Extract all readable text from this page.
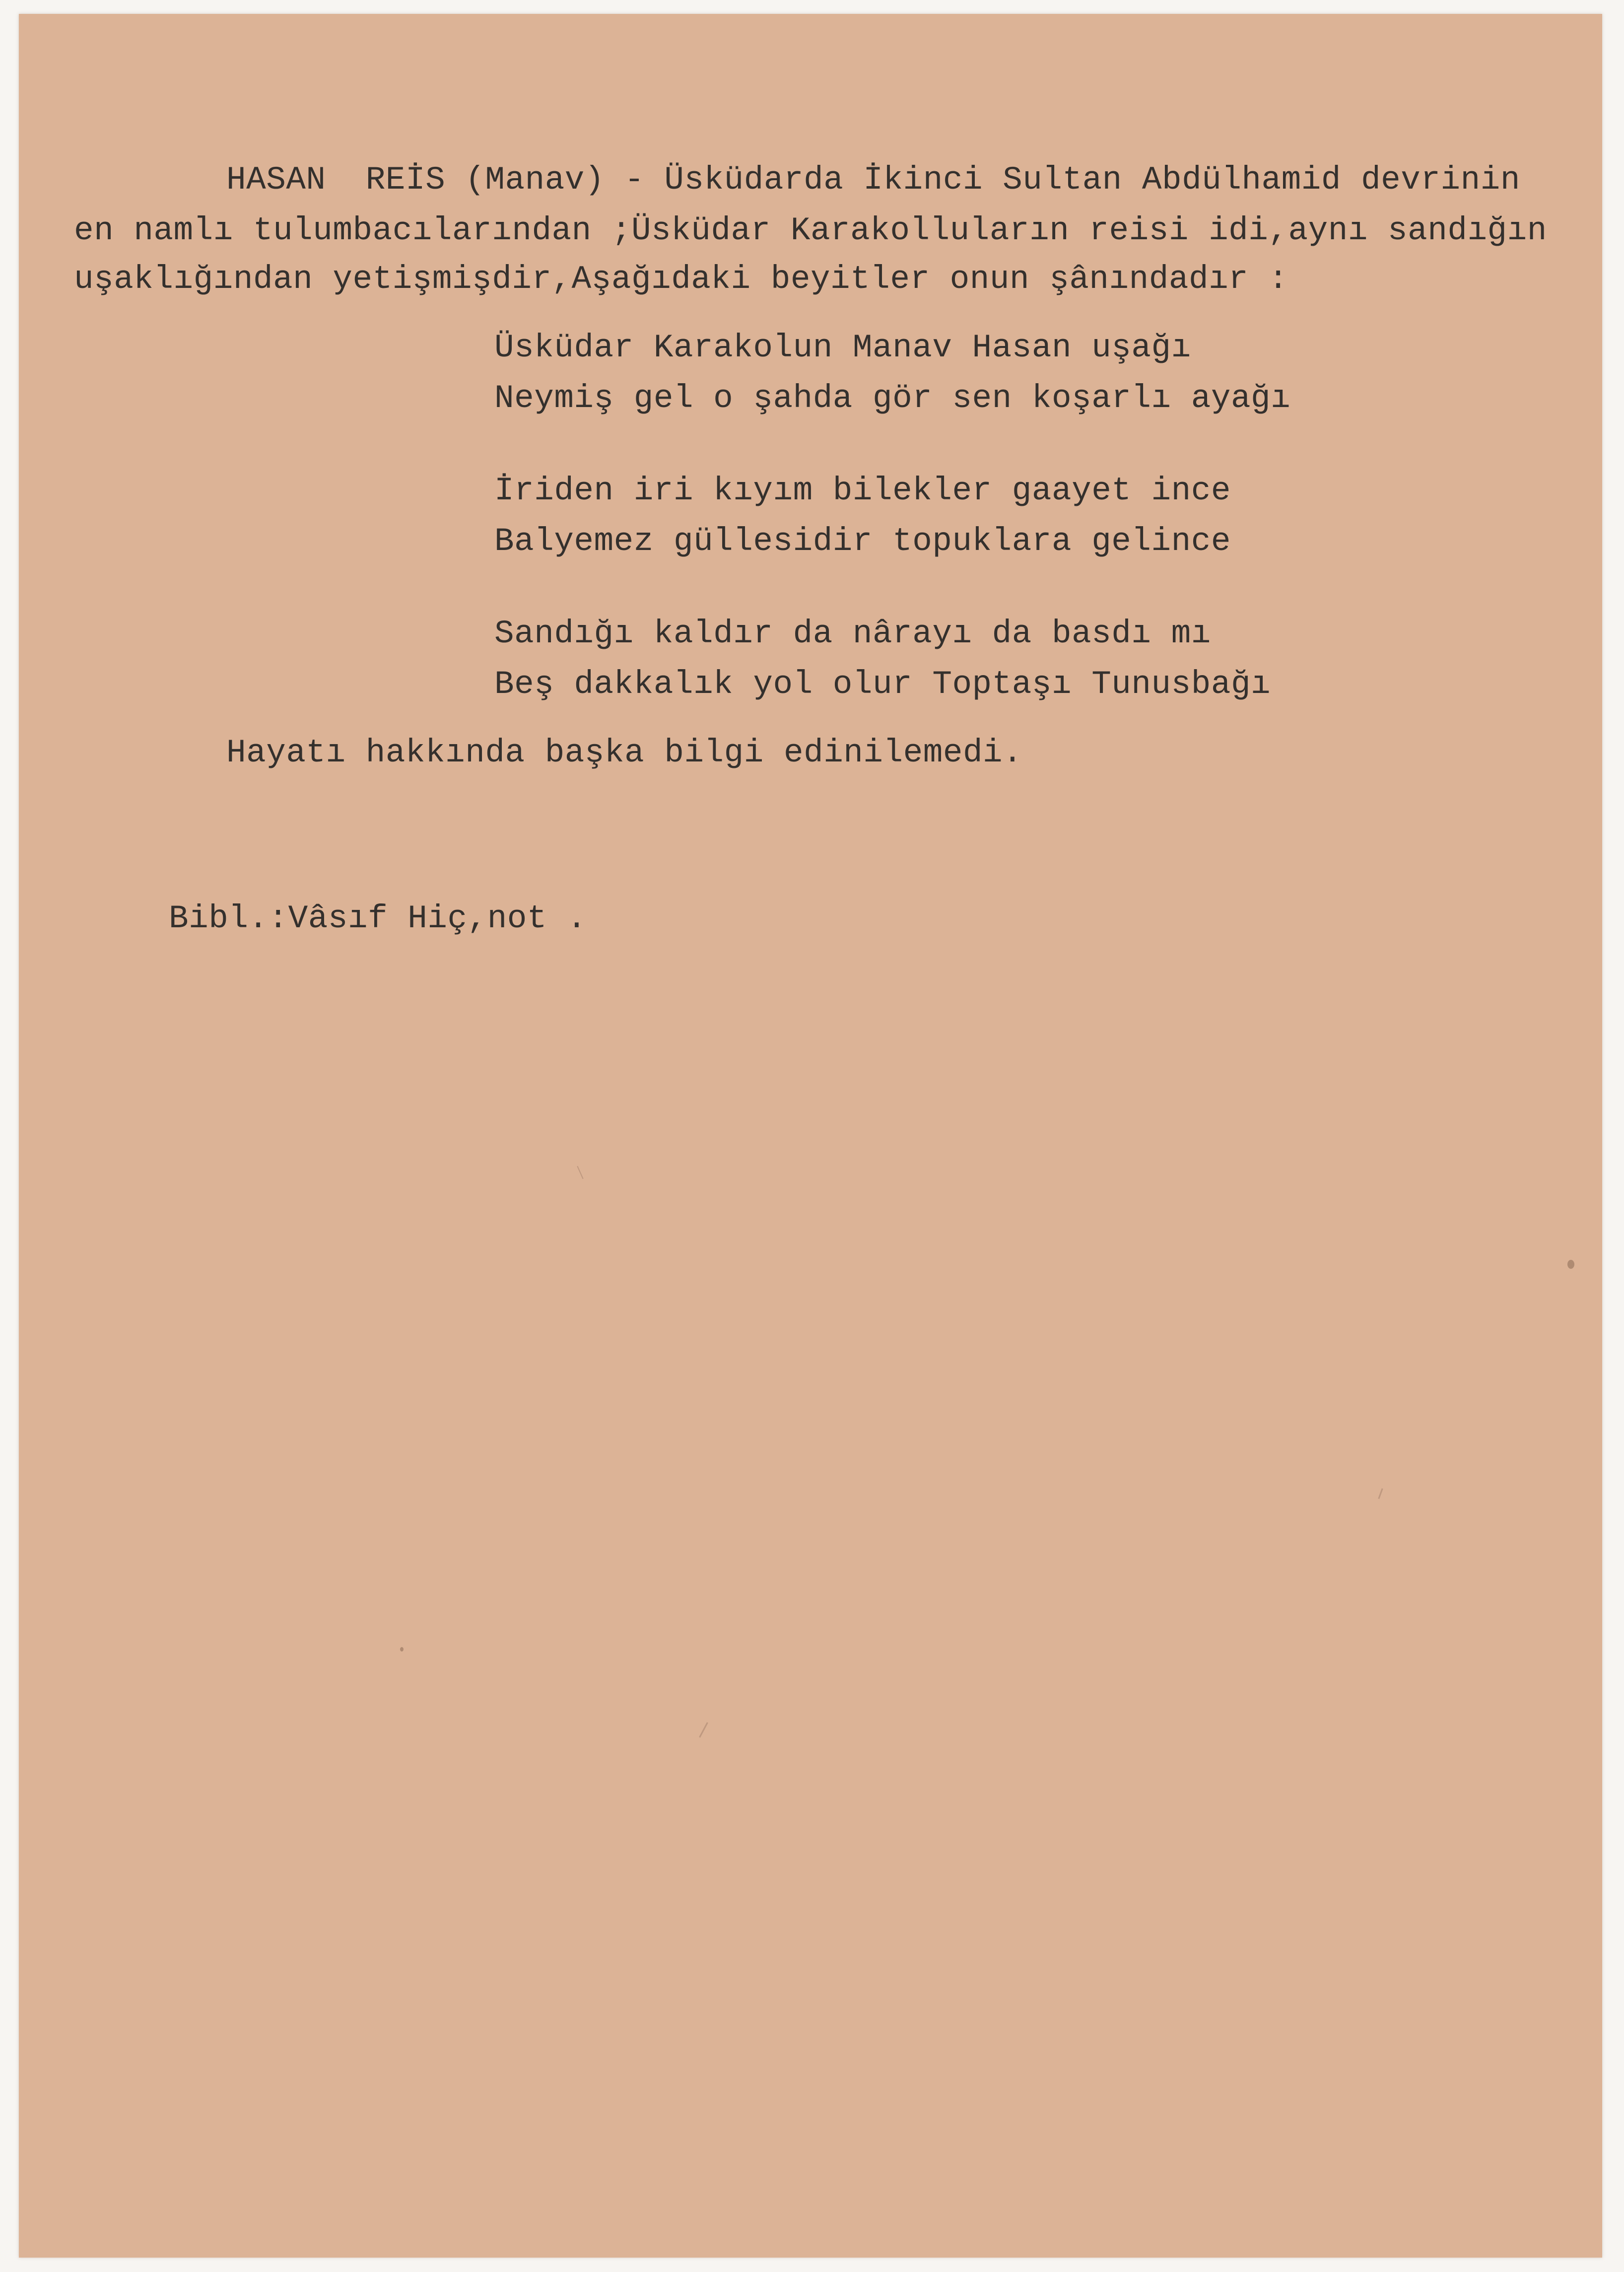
HASAN  REİS (Manav) - Üsküdarda İkinci Sultan Abdülhamid devrinin
en namlı tulumbacılarından ;Üsküdar Karakolluların reisi idi,aynı sandığın
uşaklığından yetişmişdir,Aşağıdaki beyitler onun şânındadır :
Üsküdar Karakolun Manav Hasan uşağı
Neymiş gel o şahda gör sen koşarlı ayağı
İriden iri kıyım bilekler gaayet ince
Balyemez güllesidir topuklara gelince
Sandığı kaldır da nârayı da basdı mı
Beş dakkalık yol olur Toptaşı Tunusbağı
Hayatı hakkında başka bilgi edinilemedi.
Bibl.:Vâsıf Hiç,not .
